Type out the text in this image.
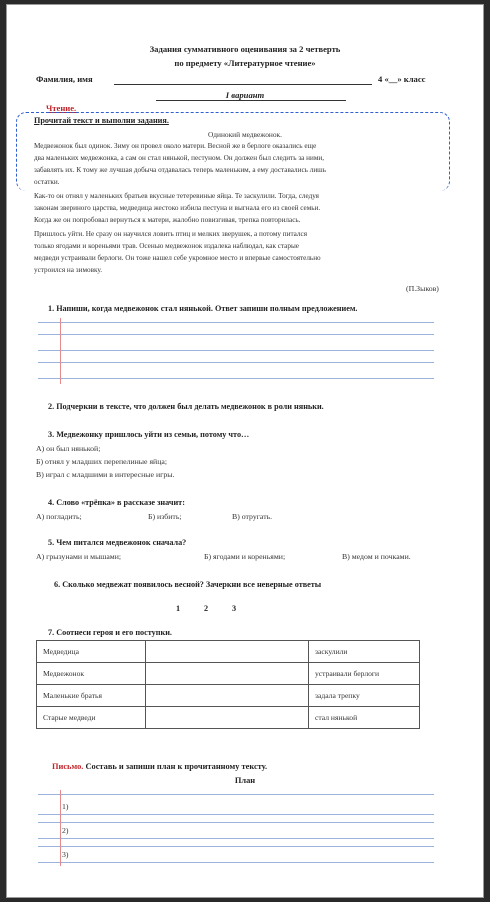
Задания суммативного оценивания за 2 четверть
по предмету «Литературное чтение»
Фамилия, имя	4 «__» класс
I вариант
Чтение.
Прочитай текст и выполни задания.
Одинокий медвежонок.
Медвежонок был одинок. Зиму он провел около матери. Весной же в берлоге оказались еще
два маленьких медвежонка, а сам он стал нянькой, пестуном. Он должен был следить за ними,
забавлять их. К тому же лучшая добыча отдавалась теперь маленьким, а ему доставались лишь
остатки.
Как-то он отнял у маленьких братьев вкусные тетеревиные яйца. Те заскулили. Тогда, следуя
законам звериного царства, медведица жестоко избила пестуна и выгнала его из своей семьи.
Когда же он попробовал вернуться к матери, жалобно повизгивая, трепка повторилась.
Пришлось уйти. Не сразу он научился ловить птиц и мелких зверушек, а потому питался
только ягодами и кореньями трав. Осенью медвежонок издалека наблюдал, как старые
медведи устраивали берлоги. Он тоже нашел себе укромное место и впервые самостоятельно
устроился на зимовку.
(П.Зыков)
1. Напиши, когда медвежонок стал нянькой. Ответ запиши полным предложением.
2. Подчеркни в тексте, что должен был делать медвежонок в роли няньки.
3. Медвежонку пришлось уйти из семьи, потому что…
А) он был нянькой;
Б) отнял у младших перепелиные яйца;
В) играл с младшими в интересные игры.
4. Слово «трёпка» в рассказе значит:
А) погладить;	Б) избить;	В) отругать.
5. Чем питался медвежонок сначала?
А) грызунами и мышами;	Б) ягодами и кореньями;	В) медом и почками.
6. Сколько медвежат появилось весной? Зачеркни все неверные ответы
1	2	3
7. Соотнеси героя и его поступки.
Медведица		заскулили
Медвежонок		устраивали берлоги
Маленькие братья		задала трепку
Старые медведи		стал нянькой
Письмо. Составь и запиши план к прочитанному тексту.
План
1)
2)
3)
